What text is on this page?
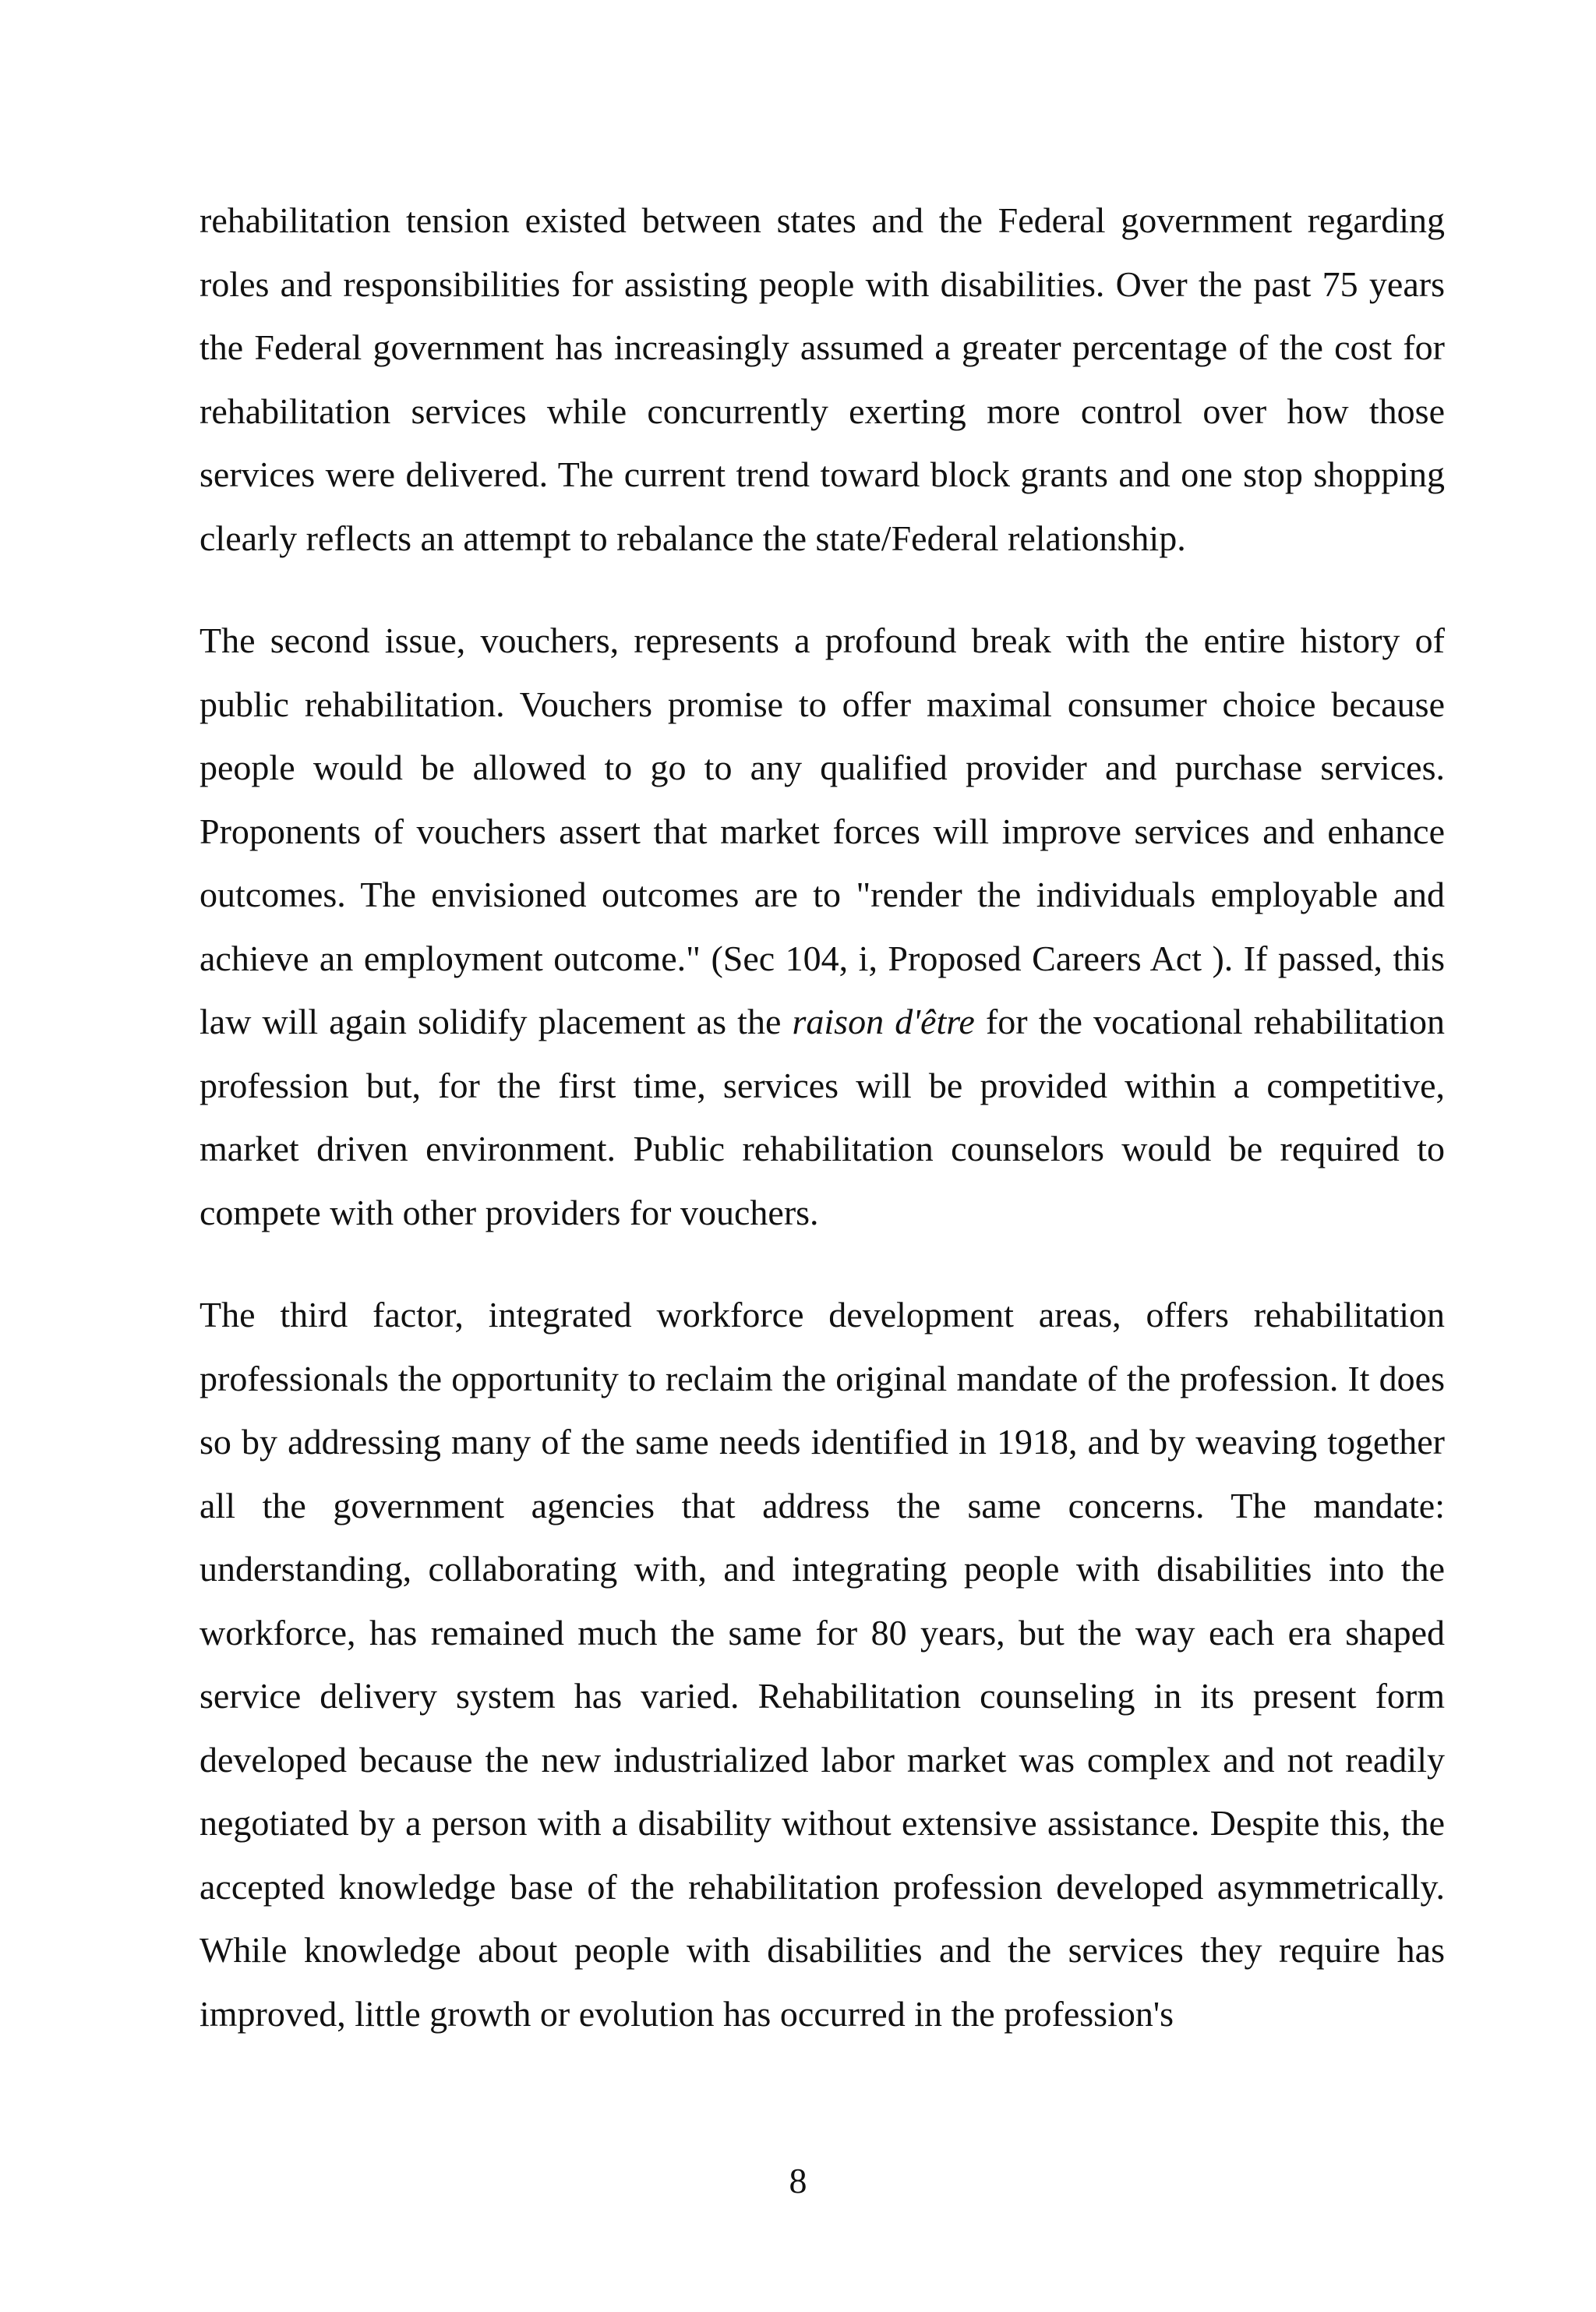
rehabilitation tension existed between states and the Federal government regarding roles and responsibilities for assisting people with disabilities. Over the past 75 years the Federal government has increasingly assumed a greater percentage of the cost for rehabilitation services while concurrently exerting more control over how those services were delivered. The current trend toward block grants and one stop shopping clearly reflects an attempt to rebalance the state/Federal relationship.

The second issue, vouchers, represents a profound break with the entire history of public rehabilitation. Vouchers promise to offer maximal consumer choice because people would be allowed to go to any qualified provider and purchase services. Proponents of vouchers assert that market forces will improve services and enhance outcomes. The envisioned outcomes are to "render the individuals employable and achieve an employment outcome." (Sec 104, i, Proposed Careers Act ). If passed, this law will again solidify placement as the raison d'être for the vocational rehabilitation profession but, for the first time, services will be provided within a competitive, market driven environment. Public rehabilitation counselors would be required to compete with other providers for vouchers.

The third factor, integrated workforce development areas, offers rehabilitation professionals the opportunity to reclaim the original mandate of the profession. It does so by addressing many of the same needs identified in 1918, and by weaving together all the government agencies that address the same concerns. The mandate: understanding, collaborating with, and integrating people with disabilities into the workforce, has remained much the same for 80 years, but the way each era shaped service delivery system has varied. Rehabilitation counseling in its present form developed because the new industrialized labor market was complex and not readily negotiated by a person with a disability without extensive assistance. Despite this, the accepted knowledge base of the rehabilitation profession developed asymmetrically. While knowledge about people with disabilities and the services they require has improved, little growth or evolution has occurred in the profession's

8
